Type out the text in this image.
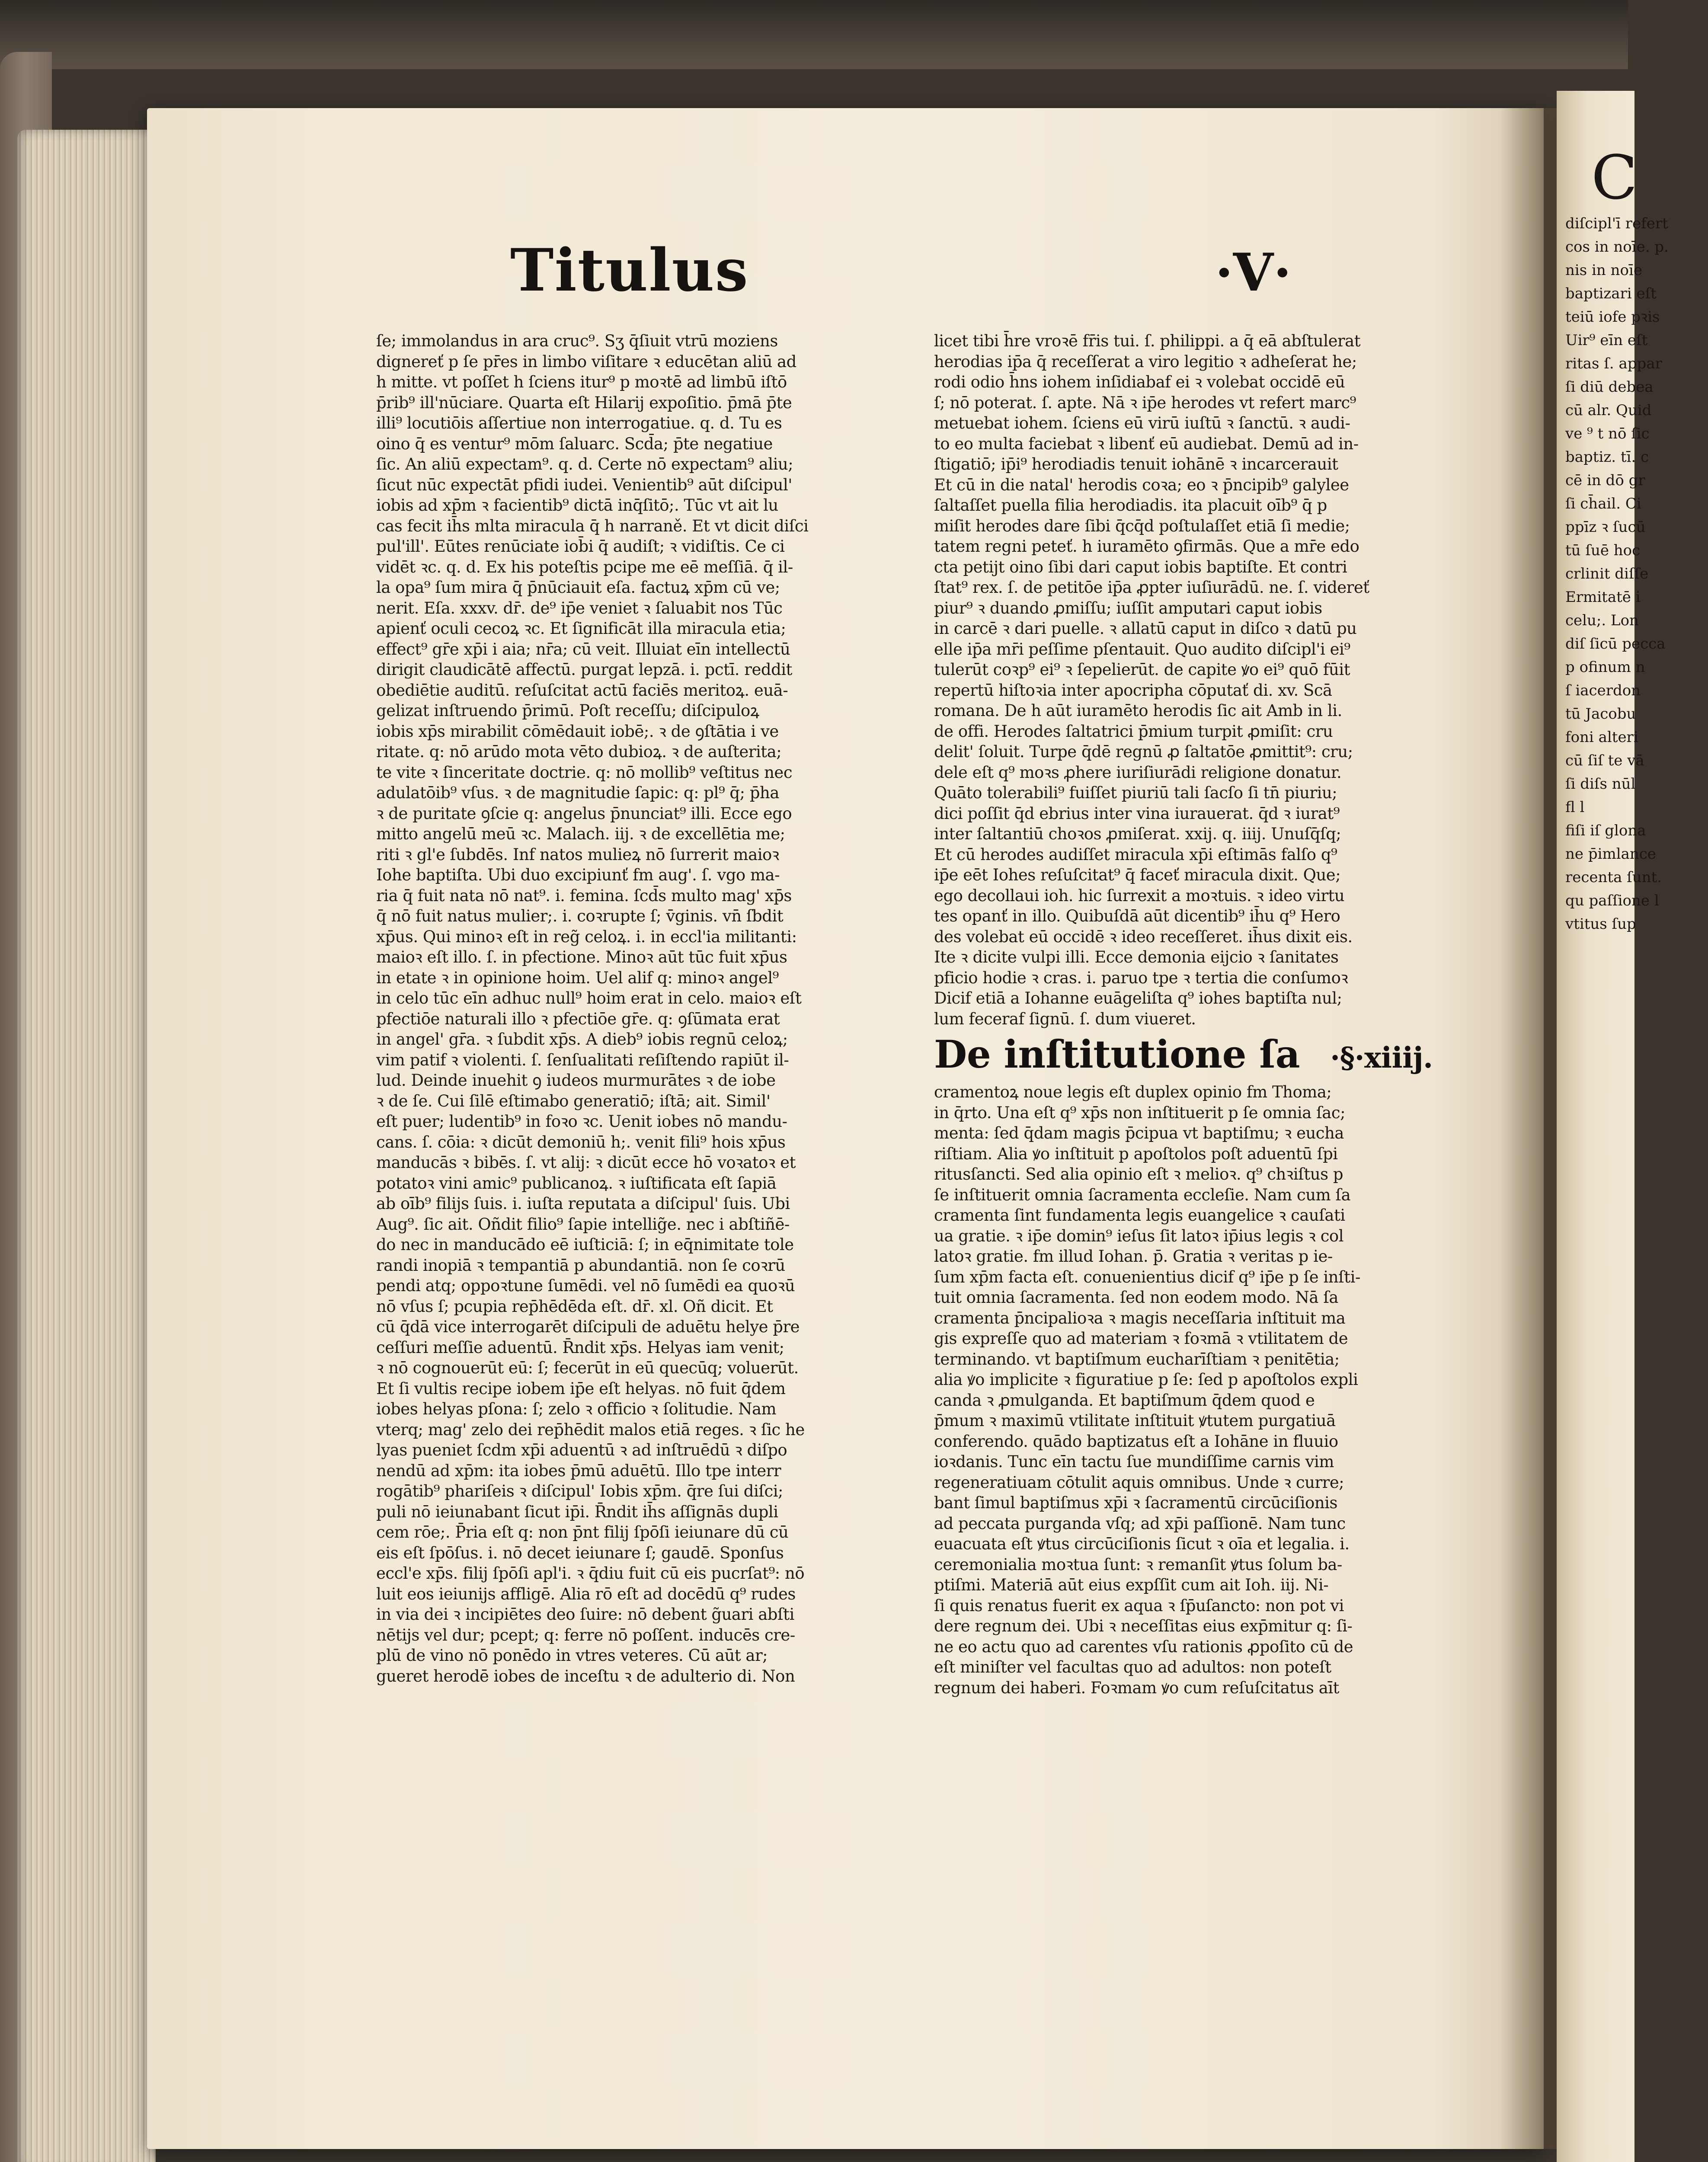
C
diſcipl'ī refert
cos in noīe. p.
nis in noīe
baptizari eſt
teiū iofe pꝛis
Uir⁹ eīn eſt
ritas ſ. appar
ſi diū debea
cū alr. Quid
ve ⁹ t nō ſic
baptiz. tī. c
cē in dō gr
ſi ch̄ail. Ci
ppīz ꝛ ſucū
tū ſuē hoc
crlinit diſſe
Ermitatē i
celu;. Lon
diſ ſicū pecca
p ofinum n
ſ iacerdon
tū Jacobu
foni alteri
cū ſiſ te vā
ſi diſs nūl
fl l
fiſi iſ glona
ne p̄imlance
recenta ſunt.
qu paſſione l
vtitus ſup
Titulus	·V·
ſe; immolandus in ara cruc⁹. Sʒ q̄ſiuit vtrū moziens
dignereť p ſe pr̄es in limbo viſitare ꝛ educētan aliū ad
h mitte. vt poſſet h ſciens itur⁹ p moꝛtē ad limbū iſtō
p̄rib⁹ ill'nūciare. Quarta eſt Hilarij expoſitio. p̄mā p̄te
illi⁹ locutiōis aſſertiue non interrogatiue. q. d. Tu es
oino q̄ es ventur⁹ mōm ſaluarc. Scd̄a; p̄te negatiue
ſic. An aliū expectam⁹. q. d. Certe nō expectam⁹ aliu;
ſicut nūc expectāt pfidi iudei. Venientib⁹ aūt diſcipul'
iobis ad xp̄m ꝛ facientib⁹ dictā inq̄ſitō;. Tūc vt ait lu
cas fecit ih̄s mlta miracula q̄ h narraně. Et vt dicit diſci
pul'ill'. Eūtes renūciate iob̄i q̄ audiſt; ꝛ vidiſtis. Ce ci
vidēt ꝛc. q. d. Ex his poteſtis pcipe me eē meſſiā. q̄ il-
la opa⁹ ſum mira q̄ p̄nūciauit eſa. factuꝝ xp̄m cū ve;
nerit. Eſa. xxxv. dr̄. de⁹ ip̄e veniet ꝛ ſaluabit nos Tūc
apienť oculi cecoꝝ ꝛc. Et ſignificāt illa miracula etia;
effect⁹ gr̄e xp̄i i aia; nr̄a; cū veit. Illuiat eīn intellectū
dirigit claudicātē affectū. purgat lepzā. i. pctī. reddit
obediētie auditū. reſuſcitat actū faciēs meritoꝝ. euā-
gelizat inſtruendo p̄rimū. Poſt receſſu; diſcipuloꝝ
iobis xp̄s mirabilit cōmēdauit iobē;. ꝛ de ꝯſtātia i ve
ritate. q: nō arūdo mota vēto dubioꝝ. ꝛ de auſterita;
te vite ꝛ ſinceritate doctrie. q: nō mollib⁹ veſtitus nec
adulatōib⁹ vſus. ꝛ de magnitudie ſapic: q: pl⁹ q̄; p̄ha
ꝛ de puritate ꝯſcie q: angelus p̄nunciat⁹ illi. Ecce ego
mitto angelū meū ꝛc. Malach. iij. ꝛ de excellētia me;
riti ꝛ gl'e ſubdēs. Inf natos mulieꝝ nō ſurrerit maioꝛ
Iohe baptiſta. Ubi duo excipiunť fm aug'. ſ. vgo ma-
ria q̄ fuit nata nō nat⁹. i. femina. ſcd̄s multo mag' xp̄s
q̄ nō fuit natus mulier;. i. coꝛrupte ſ; v̄ginis. vn̄ ſbdit
xp̄us. Qui minoꝛ eſt in reg̃ celoꝝ. i. in eccl'ia militanti:
maioꝛ eſt illo. ſ. in pfectione. Minoꝛ aūt tūc fuit xp̄us
in etate ꝛ in opinione hoim. Uel alif q: minoꝛ angel⁹
in celo tūc eīn adhuc null⁹ hoim erat in celo. maioꝛ eſt
pfectiōe naturali illo ꝛ pfectiōe gr̄e. q: ꝯſūmata erat
in angel' gr̄a. ꝛ ſubdit xp̄s. A dieb⁹ iobis regnū celoꝝ;
vim patif ꝛ violenti. ſ. ſenſualitati reſiſtendo rapiūt il-
lud. Deinde inuehit ꝯ iudeos murmurātes ꝛ de iobe
ꝛ de ſe. Cui ſilē eſtimabo generatiō; iſtā; ait. Simil'
eſt puer; ludentib⁹ in foꝛo ꝛc. Uenit iobes nō mandu-
cans. ſ. cōia: ꝛ dicūt demoniū h;. venit fili⁹ hois xp̄us
manducās ꝛ bibēs. ſ. vt alij: ꝛ dicūt ecce hō voꝛatoꝛ et
potatoꝛ vini amic⁹ publicanoꝝ. ꝛ iuſtificata eſt ſapiā
ab oīb⁹ filijs ſuis. i. iuſta reputata a diſcipul' ſuis. Ubi
Aug⁹. ſic ait. Oñdit filio⁹ ſapie intellig̃e. nec i abſtiñē-
do nec in manducādo eē iuſticiā: ſ; in eq̄nimitate tole
randi inopiā ꝛ tempantiā p abundantiā. non ſe coꝛrū
pendi atq; oppoꝛtune ſumēdi. vel nō ſumēdi ea quoꝛū
nō vſus ſ; pcupia rep̄hēdēda eſt. dr̄. xl. Oñ dicit. Et
cū q̄dā vice interrogarēt diſcipuli de aduētu helye p̄re
ceſſuri meſſie aduentū. R̄ndit xp̄s. Helyas iam venit;
ꝛ nō cognouerūt eū: ſ; fecerūt in eū quecūq; voluerūt.
Et ſi vultis recipe iobem ip̄e eſt helyas. nō fuit q̄dem
iobes helyas pſona: ſ; zelo ꝛ officio ꝛ ſolitudie. Nam
vterq; mag' zelo dei rep̄hēdit malos etiā reges. ꝛ ſic he
lyas pueniet ſcdm xp̄i aduentū ꝛ ad inſtruēdū ꝛ diſpo
nendū ad xp̄m: ita iobes p̄mū aduētū. Illo tpe interr
rogātib⁹ phariſeis ꝛ diſcipul' Iobis xp̄m. q̄re ſui diſci;
puli nō ieiunabant ſicut ip̄i. R̄ndit ih̄s aſſignās dupli
cem rōe;. P̄ria eſt q: non p̄nt filij ſpōſi ieiunare dū cū
eis eſt ſpōſus. i. nō decet ieiunare ſ; gaudē. Sponſus
eccl'e xp̄s. filij ſpōſi apl'i. ꝛ q̄diu fuit cū eis pucrſat⁹: nō
luit eos ieiunijs affligē. Alia rō eſt ad docēdū q⁹ rudes
in via dei ꝛ incipiētes deo ſuire: nō debent g̃uari abſti
nētijs vel dur; pcept; q: ferre nō poſſent. inducēs cre-
plū de vino nō ponēdo in vtres veteres. Cū aūt ar;
gueret herodē iobes de inceſtu ꝛ de adulterio di. Non
licet tibi h̄re vroꝛē fr̄is tui. ſ. philippi. a q̄ eā abſtulerat
herodias ip̄a q̄ receſſerat a viro legitio ꝛ adheſerat he;
rodi odio h̄ns iohem inſidiabaf ei ꝛ volebat occidē eū
ſ; nō poterat. ſ. apte. Nā ꝛ ip̄e herodes vt refert marc⁹
metuebat iohem. ſciens eū virū iuſtū ꝛ ſanctū. ꝛ audi-
to eo multa faciebat ꝛ libenť eū audiebat. Demū ad in-
ſtigatiō; ip̄i⁹ herodiadis tenuit iohānē ꝛ incarcerauit
Et cū in die natal' herodis coꝛa; eo ꝛ p̄ncipib⁹ galylee
ſaltaſſet puella filia herodiadis. ita placuit oīb⁹ q̄ p
miſit herodes dare ſibi q̄cq̄d poſtulaſſet etiā ſi medie;
tatem regni peteť. h iuramēto ꝯfirmās. Que a mr̄e edo
cta petijt oino ſibi dari caput iobis baptiſte. Et contri
ſtat⁹ rex. ſ. de petitōe ip̄a ꝓpter iuſiurādū. ne. ſ. videreť
piur⁹ ꝛ duando ꝓmiſſu; iuſſit amputari caput iobis
in carcē ꝛ dari puelle. ꝛ allatū caput in diſco ꝛ datū pu
elle ip̄a mr̄i peſſime pſentauit. Quo audito diſcipl'i ei⁹
tulerūt coꝛp⁹ ei⁹ ꝛ ſepelierūt. de capite ꝟo ei⁹ quō fūit
repertū hiſtoꝛia inter apocripha cōputať di. xv. Scā
romana. De h aūt iuramēto herodis ſic ait Amb in li.
de offi. Herodes ſaltatrici p̄mium turpit ꝓmiſit: cru
delit' ſoluit. Turpe q̄dē regnū ꝓ ſaltatōe ꝓmittit⁹: cru;
dele eſt q⁹ moꝛs ꝓhere iuriſiurādi religione donatur.
Quāto tolerabili⁹ fuiſſet piuriū tali ſacſo ſi tn̄ piuriu;
dici poſſit q̄d ebrius inter vina iurauerat. q̄d ꝛ iurat⁹
inter ſaltantiū choꝛos ꝓmiſerat. xxij. q. iiij. Unuſq̄ſq;
Et cū herodes audiſſet miracula xp̄i eſtimās falſo q⁹
ip̄e eēt Iohes reſuſcitat⁹ q̄ faceť miracula dixit. Que;
ego decollaui ioh. hic ſurrexit a moꝛtuis. ꝛ ideo virtu
tes opanť in illo. Quibuſdā aūt dicentib⁹ ih̄u q⁹ Hero
des volebat eū occidē ꝛ ideo receſſeret. ih̄us dixit eis.
Ite ꝛ dicite vulpi illi. Ecce demonia eijcio ꝛ ſanitates
pficio hodie ꝛ cras. i. paruo tpe ꝛ tertia die conſumoꝛ
Dicif etiā a Iohanne euāgeliſta q⁹ iohes baptiſta nul;
lum feceraf ſignū. ſ. dum viueret.
De inſtitutione ſa ·§·xiiij.
cramentoꝝ noue legis eſt duplex opinio fm Thoma;
in q̄rto. Una eſt q⁹ xp̄s non inſtituerit p ſe omnia ſac;
menta: ſed q̄dam magis p̄cipua vt baptiſmu; ꝛ eucha
riſtiam. Alia ꝟo inſtituit p apoſtolos poſt aduentū ſpi
ritusſancti. Sed alia opinio eſt ꝛ melioꝛ. q⁹ chꝛiſtus p
ſe inſtituerit omnia ſacramenta eccleſie. Nam cum ſa
cramenta ſint fundamenta legis euangelice ꝛ cauſati
ua gratie. ꝛ ip̄e domin⁹ ieſus ſit latoꝛ ip̄ius legis ꝛ col
latoꝛ gratie. fm illud Iohan. p̄. Gratia ꝛ veritas p ie-
ſum xp̄m facta eſt. conuenientius dicif q⁹ ip̄e p ſe inſti-
tuit omnia ſacramenta. ſed non eodem modo. Nā ſa
cramenta p̄ncipalioꝛa ꝛ magis neceſſaria inſtituit ma
gis expreſſe quo ad materiam ꝛ foꝛmā ꝛ vtilitatem de
terminando. vt baptiſmum eucharīſtiam ꝛ penitētia;
alia ꝟo implicite ꝛ figuratiue p ſe: ſed p apoſtolos expli
canda ꝛ ꝓmulganda. Et baptiſmum q̄dem quod e
p̄mum ꝛ maximū vtilitate inſtituit ꝟtutem purgatiuā
conferendo. quādo baptizatus eſt a Iohāne in fluuio
ioꝛdanis. Tunc eīn tactu ſue mundiſſime carnis vim
regeneratiuam cōtulit aquis omnibus. Unde ꝛ curre;
bant ſimul baptiſmus xp̄i ꝛ ſacramentū circūciſionis
ad peccata purganda vſq; ad xp̄i paſſionē. Nam tunc
euacuata eſt ꝟtus circūciſionis ſicut ꝛ oīa et legalia. i.
ceremonialia moꝛtua ſunt: ꝛ remanſit ꝟtus ſolum ba-
ptiſmi. Materiā aūt eius expſſit cum ait Ioh. iij. Ni-
ſi quis renatus fuerit ex aqua ꝛ ſp̄uſancto: non pot vi
dere regnum dei. Ubi ꝛ neceſſitas eius exp̄mitur q: ſi-
ne eo actu quo ad carentes vſu rationis ꝓpoſito cū de
eſt miniſter vel facultas quo ad adultos: non poteſt
regnum dei haberi. Foꝛmam ꝟo cum reſuſcitatus aīt
